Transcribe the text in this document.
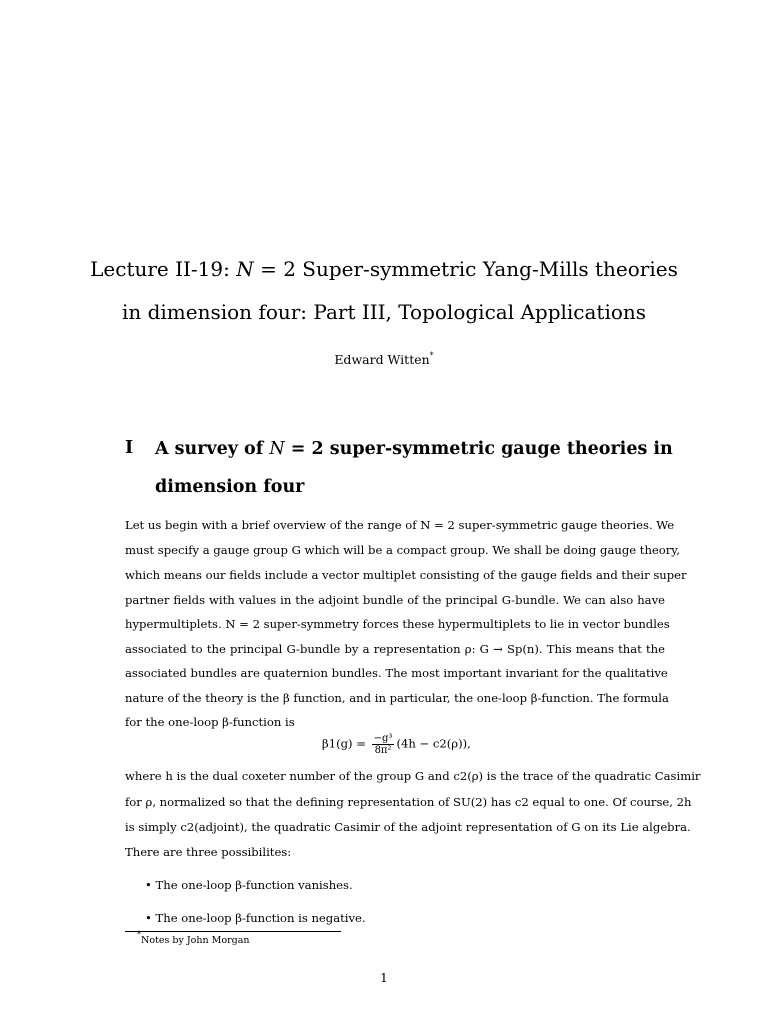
Lecture II-19: N = 2 Super-symmetric Yang-Mills theories
in dimension four: Part III, Topological Applications
Edward Witten*
I A survey of N = 2 super-symmetric gauge theories in
dimension four
Let us begin with a brief overview of the range of N = 2 super-symmetric gauge theories. We
must specify a gauge group G which will be a compact group. We shall be doing gauge theory,
which means our fields include a vector multiplet consisting of the gauge fields and their super
partner fields with values in the adjoint bundle of the principal G-bundle. We can also have
hypermultiplets. N = 2 super-symmetry forces these hypermultiplets to lie in vector bundles
associated to the principal G-bundle by a representation ρ: G → Sp(n). This means that the
associated bundles are quaternion bundles. The most important invariant for the qualitative
nature of the theory is the β function, and in particular, the one-loop β-function. The formula
for the one-loop β-function is
$\beta 1(g) = \frac{\text{−g³}}{\text{8π²}} (4h - c2(\rho))$,
where h is the dual coxeter number of the group G and c2(ρ) is the trace of the quadratic Casimir
for ρ, normalized so that the defining representation of SU(2) has c2 equal to one. Of course, 2h
is simply c2(adjoint), the quadratic Casimir of the adjoint representation of G on its Lie algebra.
There are three possibilites:
• The one-loop β-function vanishes.
• The one-loop β-function is negative.
*Notes by John Morgan
1
